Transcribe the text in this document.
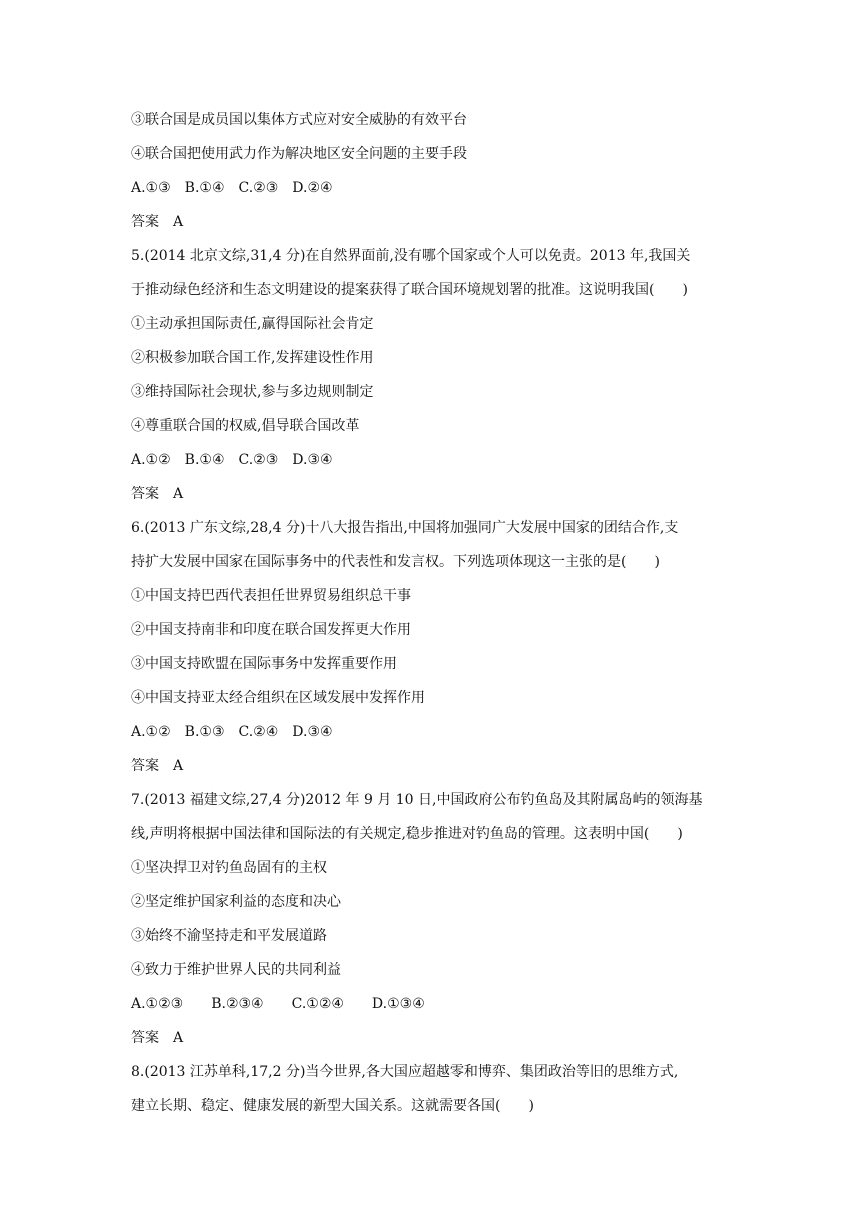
③联合国是成员国以集体方式应对安全威胁的有效平台

④联合国把使用武力作为解决地区安全问题的主要手段

A.①③　B.①④　C.②③　D.②④

答案　A

5.(2014 北京文综,31,4 分)在自然界面前,没有哪个国家或个人可以免责。2013 年,我国关

于推动绿色经济和生态文明建设的提案获得了联合国环境规划署的批准。这说明我国(　　)

①主动承担国际责任,赢得国际社会肯定

②积极参加联合国工作,发挥建设性作用

③维持国际社会现状,参与多边规则制定

④尊重联合国的权威,倡导联合国改革

A.①②　B.①④　C.②③　D.③④

答案　A

6.(2013 广东文综,28,4 分)十八大报告指出,中国将加强同广大发展中国家的团结合作,支

持扩大发展中国家在国际事务中的代表性和发言权。下列选项体现这一主张的是(　　)

①中国支持巴西代表担任世界贸易组织总干事

②中国支持南非和印度在联合国发挥更大作用

③中国支持欧盟在国际事务中发挥重要作用

④中国支持亚太经合组织在区域发展中发挥作用

A.①②　B.①③　C.②④　D.③④

答案　A

7.(2013 福建文综,27,4 分)2012 年 9 月 10 日,中国政府公布钓鱼岛及其附属岛屿的领海基

线,声明将根据中国法律和国际法的有关规定,稳步推进对钓鱼岛的管理。这表明中国(　　)

①坚决捍卫对钓鱼岛固有的主权

②坚定维护国家利益的态度和决心

③始终不渝坚持走和平发展道路

④致力于维护世界人民的共同利益

A.①②③　　B.②③④　　C.①②④　　D.①③④

答案　A

8.(2013 江苏单科,17,2 分)当今世界,各大国应超越零和博弈、集团政治等旧的思维方式,

建立长期、稳定、健康发展的新型大国关系。这就需要各国(　　)
